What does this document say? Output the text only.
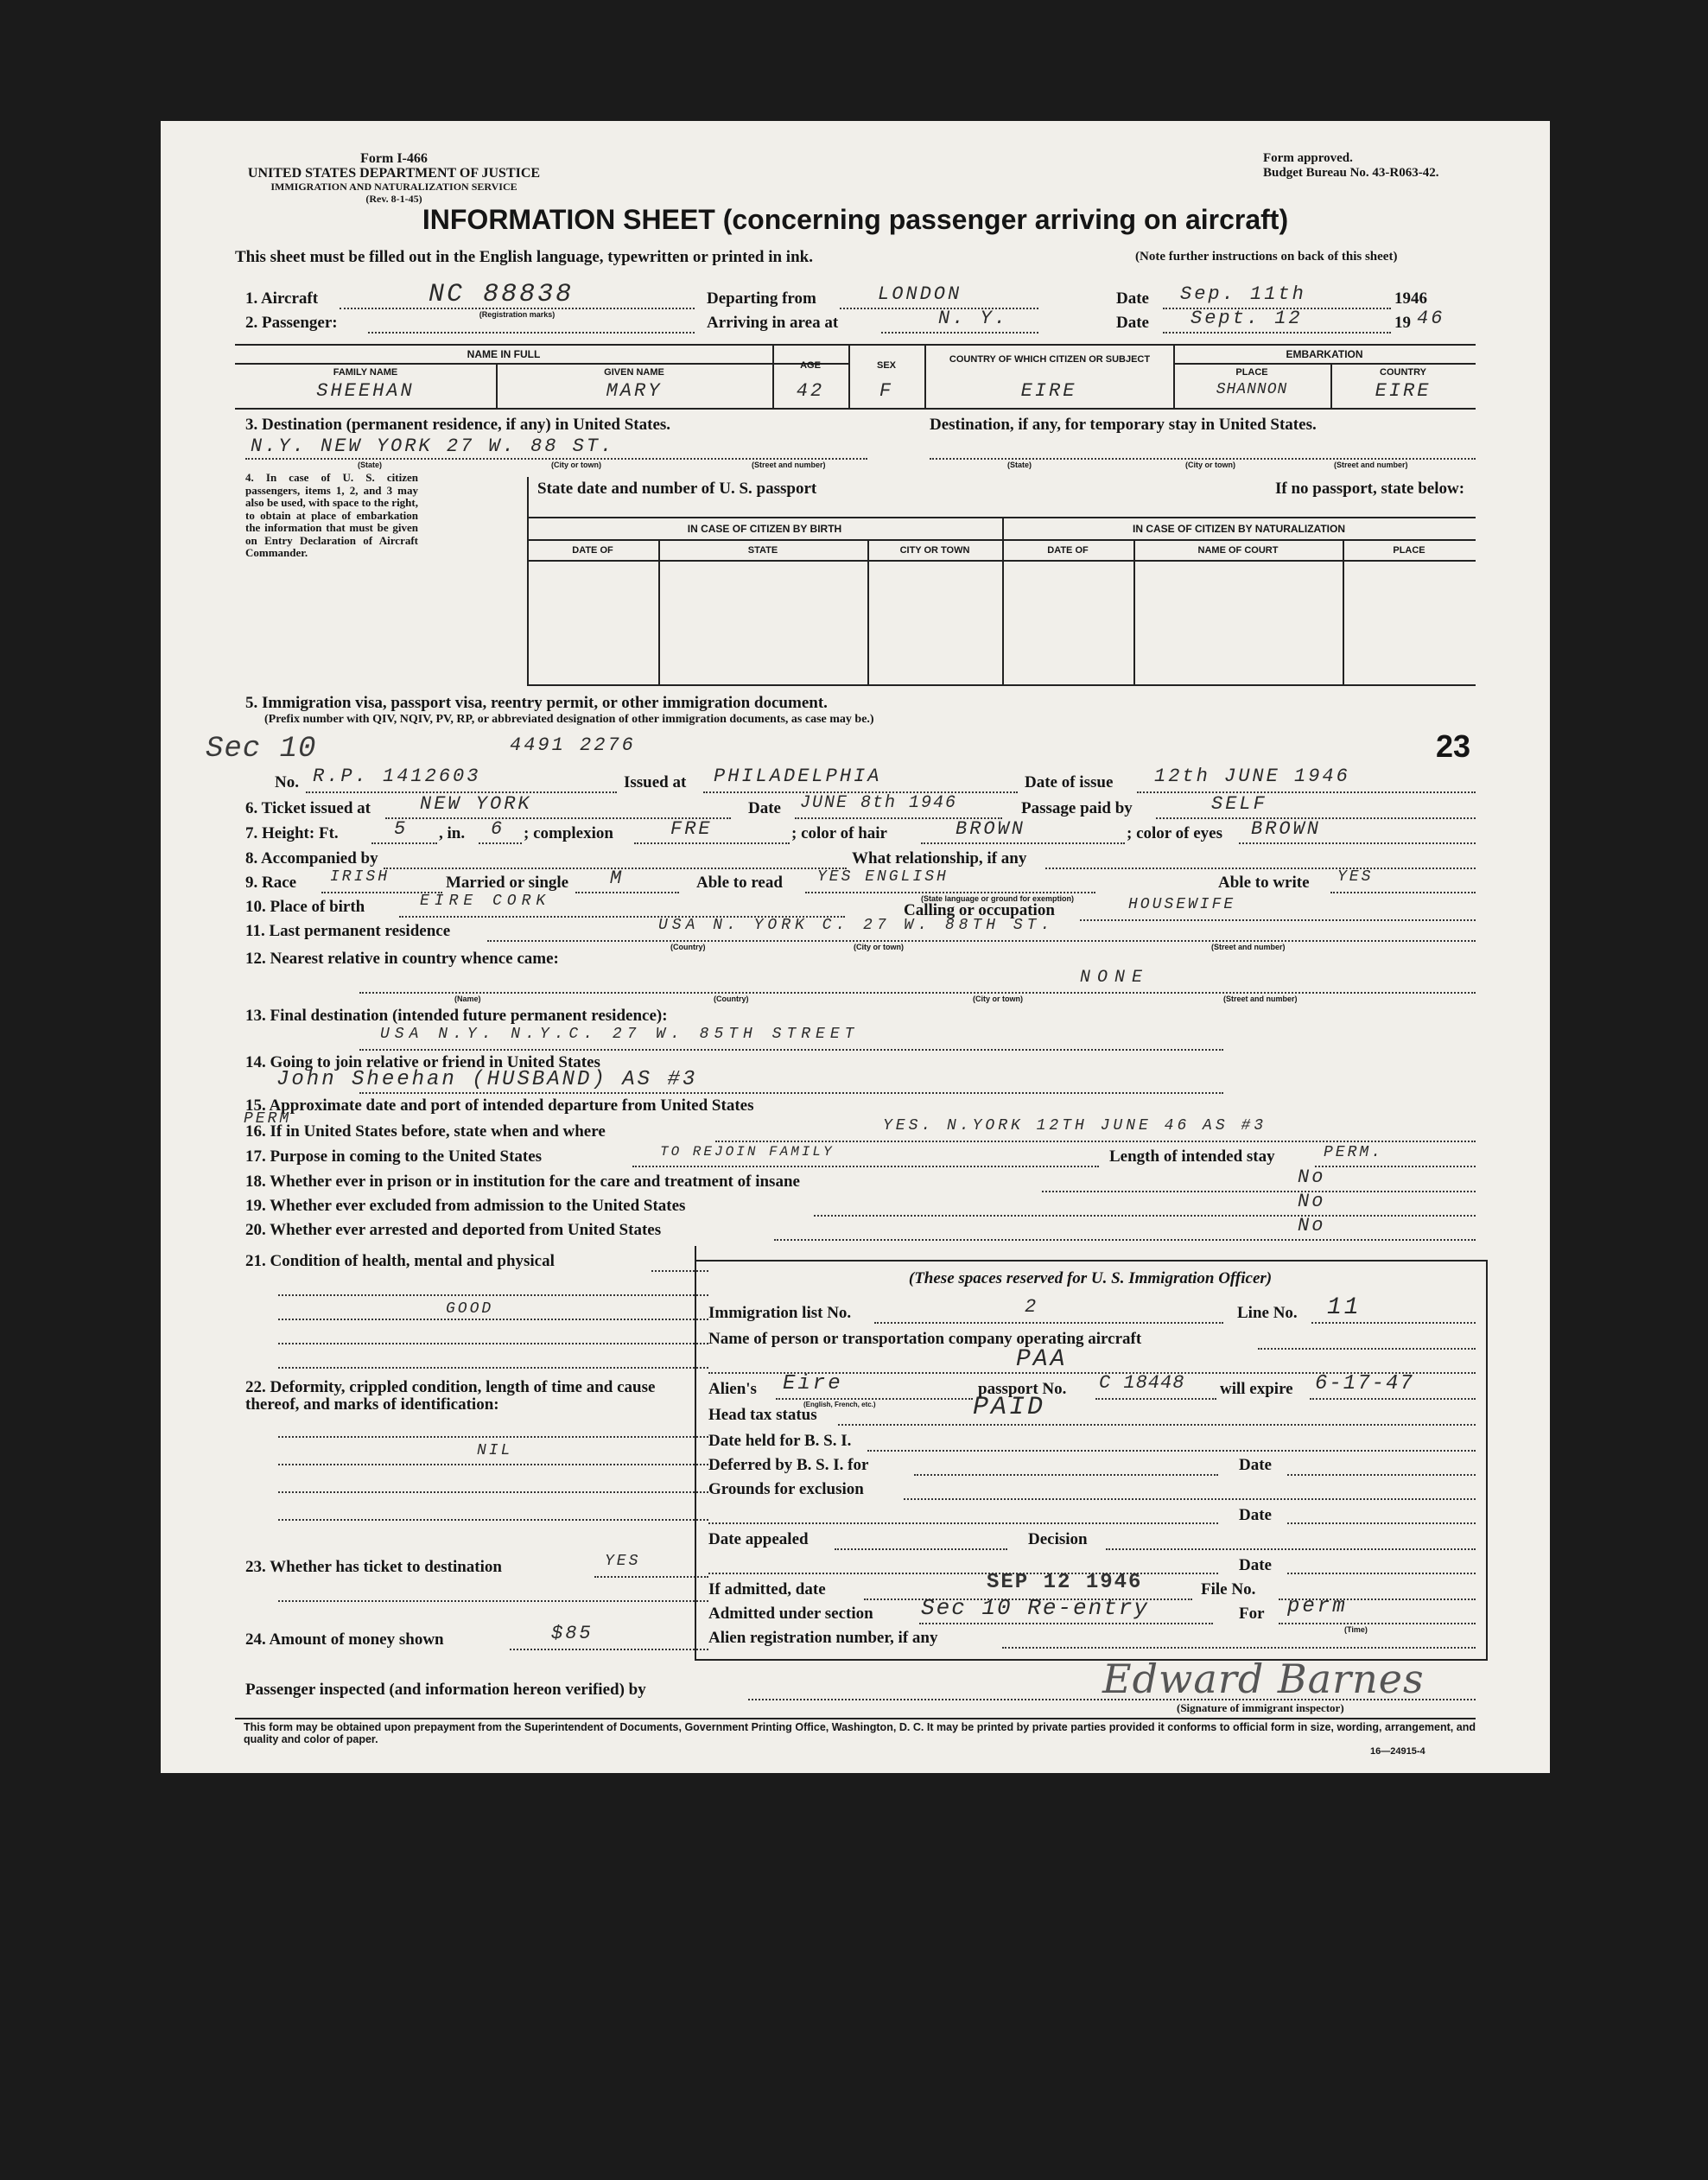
Form I-466
UNITED STATES DEPARTMENT OF JUSTICE
IMMIGRATION AND NATURALIZATION SERVICE
(Rev. 8-1-45)
Form approved.
Budget Bureau No. 43-R063-42.
INFORMATION SHEET (concerning passenger arriving on aircraft)
This sheet must be filled out in the English language, typewritten or printed in ink.	(Note further instructions on back of this sheet)
1. Aircraft	NC 88838
(Registration marks)
Departing from	LONDON	Date Sep. 11th	1946
2. Passenger:	Arriving in area at	N. Y.	Date Sept. 12	19 46
NAME IN FULL
FAMILY NAME	GIVEN NAME
AGE	SEX
COUNTRY OF WHICH CITIZEN OR SUBJECT	EMBARKATION
PLACE	COUNTRY
SHEEHAN	MARY	42	F	EIRE	SHANNON	EIRE
3. Destination (permanent residence, if any) in United States.	Destination, if any, for temporary stay in United States.
N.Y. NEW YORK 27 W. 88 ST.
(State)	(City or town)	(Street and number)	(State)	(City or town)	(Street and number)
4. In case of U. S. citizen passengers, items 1, 2, and 3 may also be used, with space to the right, to obtain at place of embarkation the information that must be given on Entry Declaration of Aircraft Commander.
State date and number of U. S. passport	If no passport, state below:
IN CASE OF CITIZEN BY BIRTH	IN CASE OF CITIZEN BY NATURALIZATION
DATE OF	STATE	CITY OR TOWN	DATE OF	NAME OF COURT	PLACE
5. Immigration visa, passport visa, reentry permit, or other immigration document.
(Prefix number with QIV, NQIV, PV, RP, or abbreviated designation of other immigration documents, as case may be.)
Sec 10	4491 2276	23
No. R.P. 1412603	Issued at PHILADELPHIA	Date of issue 12th JUNE 1946
6. Ticket issued at	NEW YORK	Date JUNE 8th 1946	Passage paid by	SELF
7. Height: Ft.	5 , in. 6 ; complexion	FRE	; color of hair	BROWN	; color of eyes BROWN
8. Accompanied by	What relationship, if any
9. Race IRISH	Married or single M	Able to read YES ENGLISH
(State language or ground for exemption)
Able to write YES
10. Place of birth	EIRE CORK	Calling or occupation	HOUSEWIFE
11. Last permanent residence	USA N. YORK C. 27 W. 88TH ST.
(Country)	(City or town)	(Street and number)
12. Nearest relative in country whence came:
NONE
(Name)	(Country)	(City or town)	(Street and number)
13. Final destination (intended future permanent residence):
USA N.Y. N.Y.C. 27 W. 85TH STREET
14. Going to join relative or friend in United States
John Sheehan (HUSBAND) AS #3
15. Approximate date and port of intended departure from United States
PERM
16. If in United States before, state when and where	YES. N.YORK 12TH JUNE 46 AS #3
17. Purpose in coming to the United States	TO REJOIN FAMILY	Length of intended stay	PERM.
18. Whether ever in prison or in institution for the care and treatment of insane	No
19. Whether ever excluded from admission to the United States	No
20. Whether ever arrested and deported from United States	No
21. Condition of health, mental and physical
GOOD
22. Deformity, crippled condition, length of time and cause thereof, and marks of identification:
NIL
23. Whether has ticket to destination	YES
24. Amount of money shown	$85
(These spaces reserved for U. S. Immigration Officer)
Immigration list No.	2	Line No. 11
Name of person or transportation company operating aircraft
PAA
Alien's Eire
(English, French, etc.)
passport No. C 18448 will expire 6-17-47
Head tax status	PAID
Date held for B. S. I.
Deferred by B. S. I. for	Date
Grounds for exclusion
Date
Date appealed	Decision
Date
If admitted, date	SEP 12 1946	File No.
Admitted under section Sec 10 Re-entry	For perm
(Time)
Alien registration number, if any
Passenger inspected (and information hereon verified) by	Edward Barnes
(Signature of immigrant inspector)
This form may be obtained upon prepayment from the Superintendent of Documents, Government Printing Office, Washington, D. C. It may be printed by private parties provided it conforms to official form in size, wording, arrangement, and quality and color of paper.
16—24915-4
